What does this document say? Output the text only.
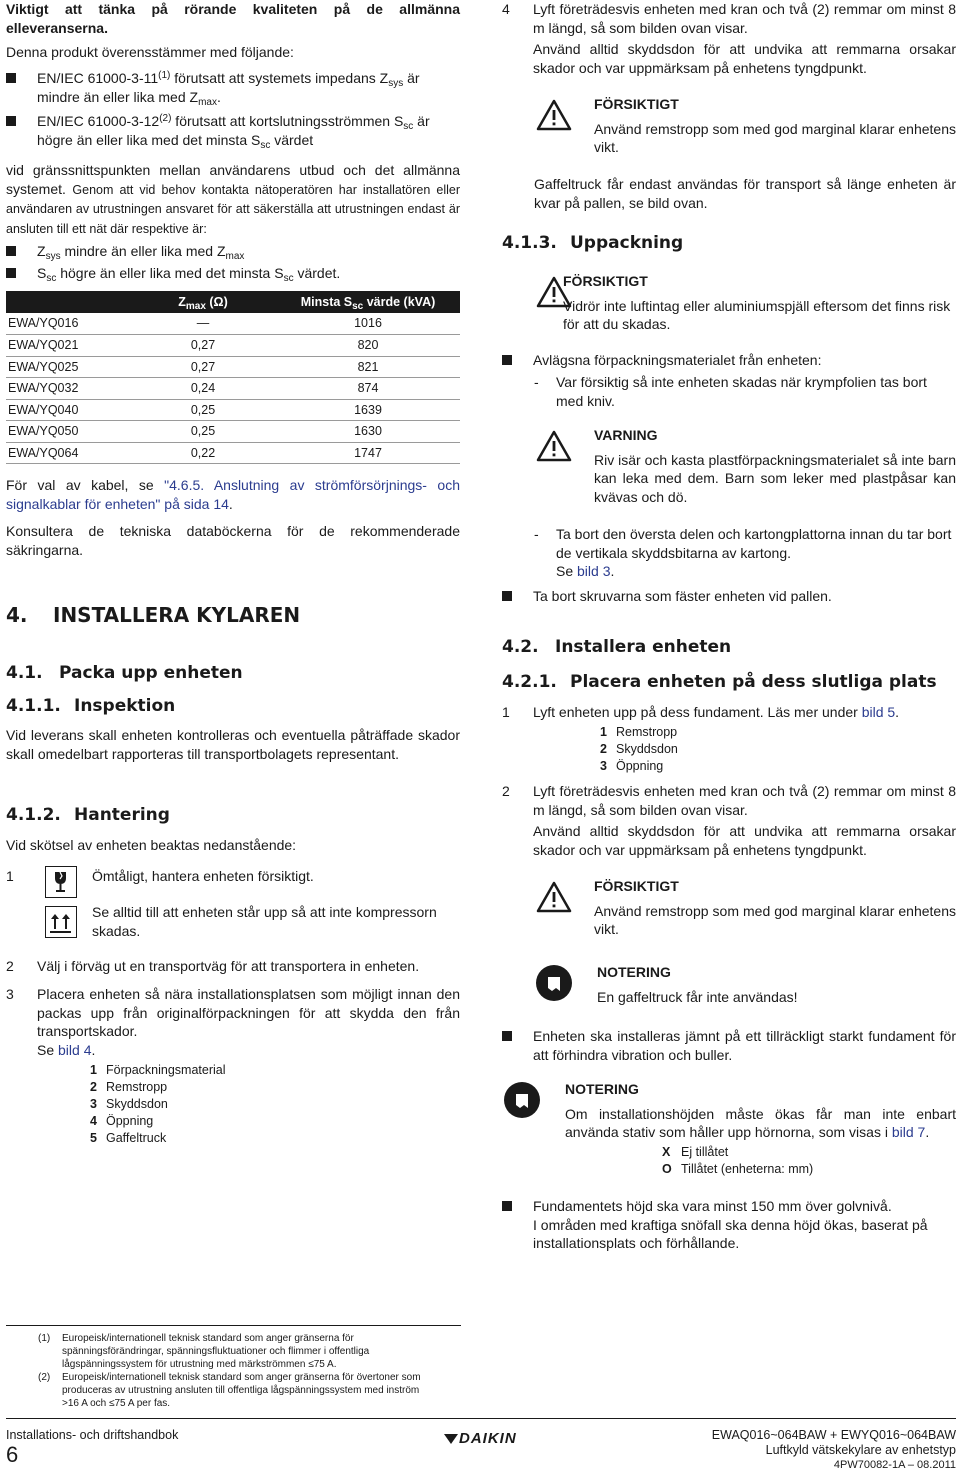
Viktigt att tänka på rörande kvaliteten på de allmänna elleveranserna.

Denna produkt överensstämmer med följande:

EN/IEC 61000-3-11$^{(1)}$ förutsatt att systemets impedans $Z_{sys}$ är mindre än eller lika med $Z_{max}$.
EN/IEC 61000-3-12$^{(2)}$ förutsatt att kortslutningsströmmen $S_{sc}$ är högre än eller lika med det minsta $S_{sc}$ värdet

vid gränssnittspunkten mellan användarens utbud och det allmänna systemet. Genom att vid behov kontakta nätoperatören har installatören eller användaren av utrustningen ansvaret för att säkerställa att utrustningen endast är ansluten till ett nät där respektive är:

$Z_{sys}$ mindre än eller lika med $Z_{max}$
$S_{sc}$ högre än eller lika med det minsta $S_{sc}$ värdet.
	$Z_{max}$ (Ω)	Minsta $S_{sc}$ värde (kVA)
EWA/YQ016	—	1016
EWA/YQ021	0,27	820
EWA/YQ025	0,27	821
EWA/YQ032	0,24	874
EWA/YQ040	0,25	1639
EWA/YQ050	0,25	1630
EWA/YQ064	0,22	1747

För val av kabel, se "4.6.5. Anslutning av strömförsörjnings- och signalkablar för enheten" på sida 14.

Konsultera de tekniska databöckerna för de rekommenderade säkringarna.

4. INSTALLERA KYLAREN
4.1. Packa upp enheten
4.1.1. Inspektion

Vid leverans skall enheten kontrolleras och eventuella påträffade skador skall omedelbart rapporteras till transportbolagets representant.

4.1.2. Hantering

Vid skötsel av enheten beaktas nedanstående:

1	Ömtåligt, hantera enheten försiktigt.

Se alltid till att enheten står upp så att inte kompressorn skadas.

2 Välj i förväg ut en transportväg för att transportera in enheten.
3 Placera enheten så nära installationsplatsen som möjligt innan den packas upp från originalförpackningen för att skydda den från transportskador.

Se bild 4.

1 Förpackningsmaterial
2 Remstropp
3 Skyddsdon
4 Öppning
5 Gaffeltruck
4 Lyft företrädesvis enheten med kran och två (2) remmar om minst 8 m längd, så som bilden ovan visar.

Använd alltid skyddsdon för att undvika att remmarna orsakar skador och var uppmärksam på enhetens tyngdpunkt.

FÖRSIKTIGT

Använd remstropp som med god marginal klarar enhetens vikt.

Gaffeltruck får endast användas för transport så länge enheten är kvar på pallen, se bild ovan.

4.1.3. Uppackning
FÖRSIKTIGT

Vidrör inte luftintag eller aluminiumspjäll eftersom det finns risk för att du skadas.

Avlägsna förpackningsmaterialet från enheten:
- Var försiktig så inte enheten skadas när krympfolien tas bort med kniv.

VARNING

Riv isär och kasta plastförpackningsmaterialet så inte barn kan leka med dem. Barn som leker med plastpåsar kan kvävas och dö.

- Ta bort den översta delen och kartongplattorna innan du tar bort de vertikala skyddsbitarna av kartong.

Se bild 3.

Ta bort skruvarna som fäster enheten vid pallen.
4.2. Installera enheten
4.2.1. Placera enheten på dess slutliga plats
1 Lyft enheten upp på dess fundament. Läs mer under bild 5.
1 Remstropp
2 Skyddsdon
3 Öppning
2 Lyft företrädesvis enheten med kran och två (2) remmar om minst 8 m längd, så som bilden ovan visar.

Använd alltid skyddsdon för att undvika att remmarna orsakar skador och var uppmärksam på enhetens tyngdpunkt.

FÖRSIKTIGT

Använd remstropp som med god marginal klarar enhetens vikt.

NOTERING

En gaffeltruck får inte användas!

Enheten ska installeras jämnt på ett tillräckligt starkt fundament för att förhindra vibration och buller.

NOTERING

Om installationshöjden måste ökas får man inte enbart använda stativ som håller upp hörnorna, som visas i bild 7.

X Ej tillåtet
O Tillåtet (enheterna: mm)

Fundamentets höjd ska vara minst 150 mm över golvnivå.

I områden med kraftiga snöfall ska denna höjd ökas, baserat på installationsplats och förhållande.

(1) Europeisk/internationell teknisk standard som anger gränserna för spänningsförändringar, spänningsfluktuationer och flimmer i offentliga lågspänningssystem för utrustning med märkströmmen ≤75 A.
(2) Europeisk/internationell teknisk standard som anger gränserna för övertoner som produceras av utrustning ansluten till offentliga lågspänningssystem med inström >16 A och ≤75 A per fas.
Installations- och driftshandbok
6
DAIKIN	EWAQ016~064BAW + EWYQ016~064BAW
Luftkyld vätskekylare av enhetstyp
4PW70082-1A – 08.2011
